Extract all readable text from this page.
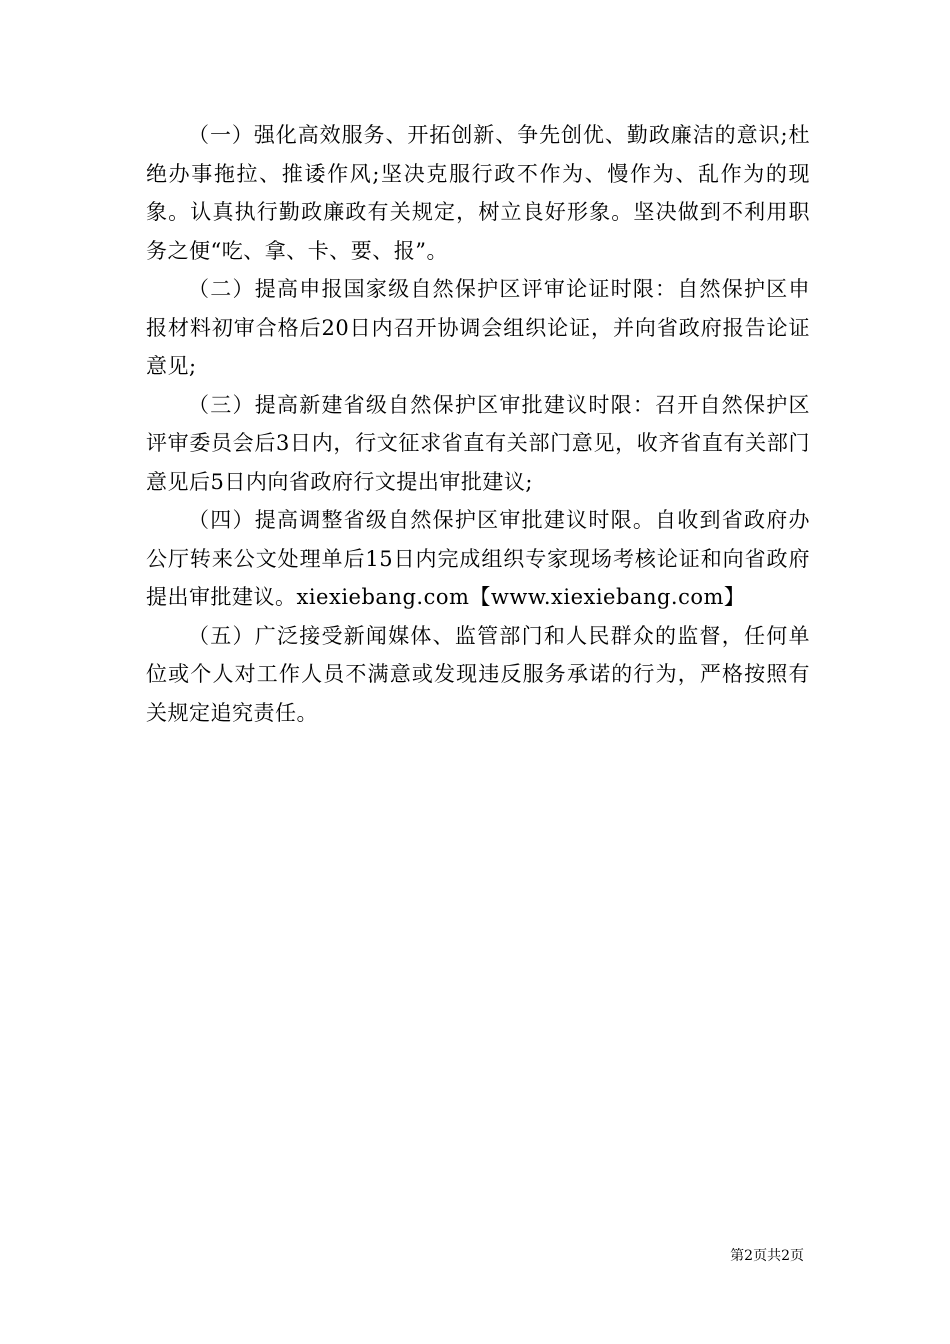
（一）强化高效服务、开拓创新、争先创优、勤政廉洁的意识;杜绝办事拖拉、推诿作风;坚决克服行政不作为、慢作为、乱作为的现象。认真执行勤政廉政有关规定，树立良好形象。坚决做到不利用职务之便“吃、拿、卡、要、报”。

（二）提高申报国家级自然保护区评审论证时限：自然保护区申报材料初审合格后20日内召开协调会组织论证，并向省政府报告论证意见;

（三）提高新建省级自然保护区审批建议时限：召开自然保护区评审委员会后3日内，行文征求省直有关部门意见，收齐省直有关部门意见后5日内向省政府行文提出审批建议;

（四）提高调整省级自然保护区审批建议时限。自收到省政府办公厅转来公文处理单后15日内完成组织专家现场考核论证和向省政府提出审批建议。xiexiebang.com【www.xiexiebang.com】

（五）广泛接受新闻媒体、监管部门和人民群众的监督，任何单位或个人对工作人员不满意或发现违反服务承诺的行为，严格按照有关规定追究责任。

第2页共2页
